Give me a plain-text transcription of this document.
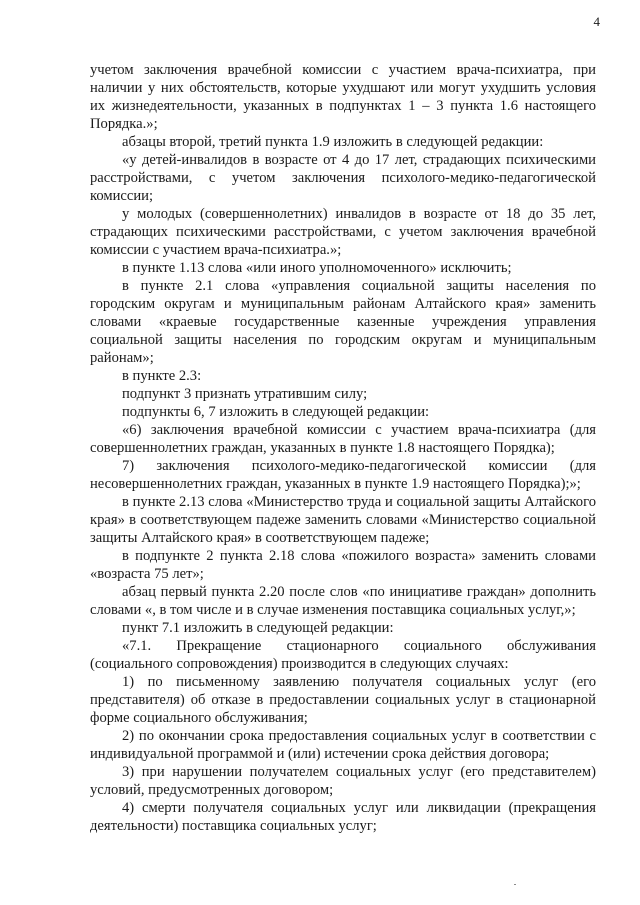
4

учетом заключения врачебной комиссии с участием врача-психиатра, при наличии у них обстоятельств, которые ухудшают или могут ухудшить условия их жизнедеятельности, указанных в подпунктах 1 – 3 пункта 1.6 настоящего Порядка.»;

абзацы второй, третий пункта 1.9 изложить в следующей редакции:

«у детей-инвалидов в возрасте от 4 до 17 лет, страдающих психическими расстройствами, с учетом заключения психолого-медико-педагогической комиссии;

у молодых (совершеннолетних) инвалидов в возрасте от 18 до 35 лет, страдающих психическими расстройствами, с учетом заключения врачебной комиссии с участием врача-психиатра.»;

в пункте 1.13 слова «или иного уполномоченного» исключить;

в пункте 2.1 слова «управления социальной защиты населения по городским округам и муниципальным районам Алтайского края» заменить словами «краевые государственные казенные учреждения управления социальной защиты населения по городским округам и муниципальным районам»;

в пункте 2.3:

подпункт 3 признать утратившим силу;

подпункты 6, 7 изложить в следующей редакции:

«6) заключения врачебной комиссии с участием врача-психиатра (для совершеннолетних граждан, указанных в пункте 1.8 настоящего Порядка);

7) заключения психолого-медико-педагогической комиссии (для несовершеннолетних граждан, указанных в пункте 1.9 настоящего Порядка);»;

в пункте 2.13 слова «Министерство труда и социальной защиты Алтайского края» в соответствующем падеже заменить словами «Министерство социальной защиты Алтайского края» в соответствующем падеже;

в подпункте 2 пункта 2.18 слова «пожилого возраста» заменить словами «возраста 75 лет»;

абзац первый пункта 2.20 после слов «по инициативе граждан» дополнить словами «, в том числе и в случае изменения поставщика социальных услуг,»;

пункт 7.1 изложить в следующей редакции:

«7.1. Прекращение стационарного социального обслуживания (социального сопровождения) производится в следующих случаях:

1) по письменному заявлению получателя социальных услуг (его представителя) об отказе в предоставлении социальных услуг в стационарной форме социального обслуживания;

2) по окончании срока предоставления социальных услуг в соответствии с индивидуальной программой и (или) истечении срока действия договора;

3) при нарушении получателем социальных услуг (его представителем) условий, предусмотренных договором;

4) смерти получателя социальных услуг или ликвидации (прекращения деятельности) поставщика социальных услуг;
